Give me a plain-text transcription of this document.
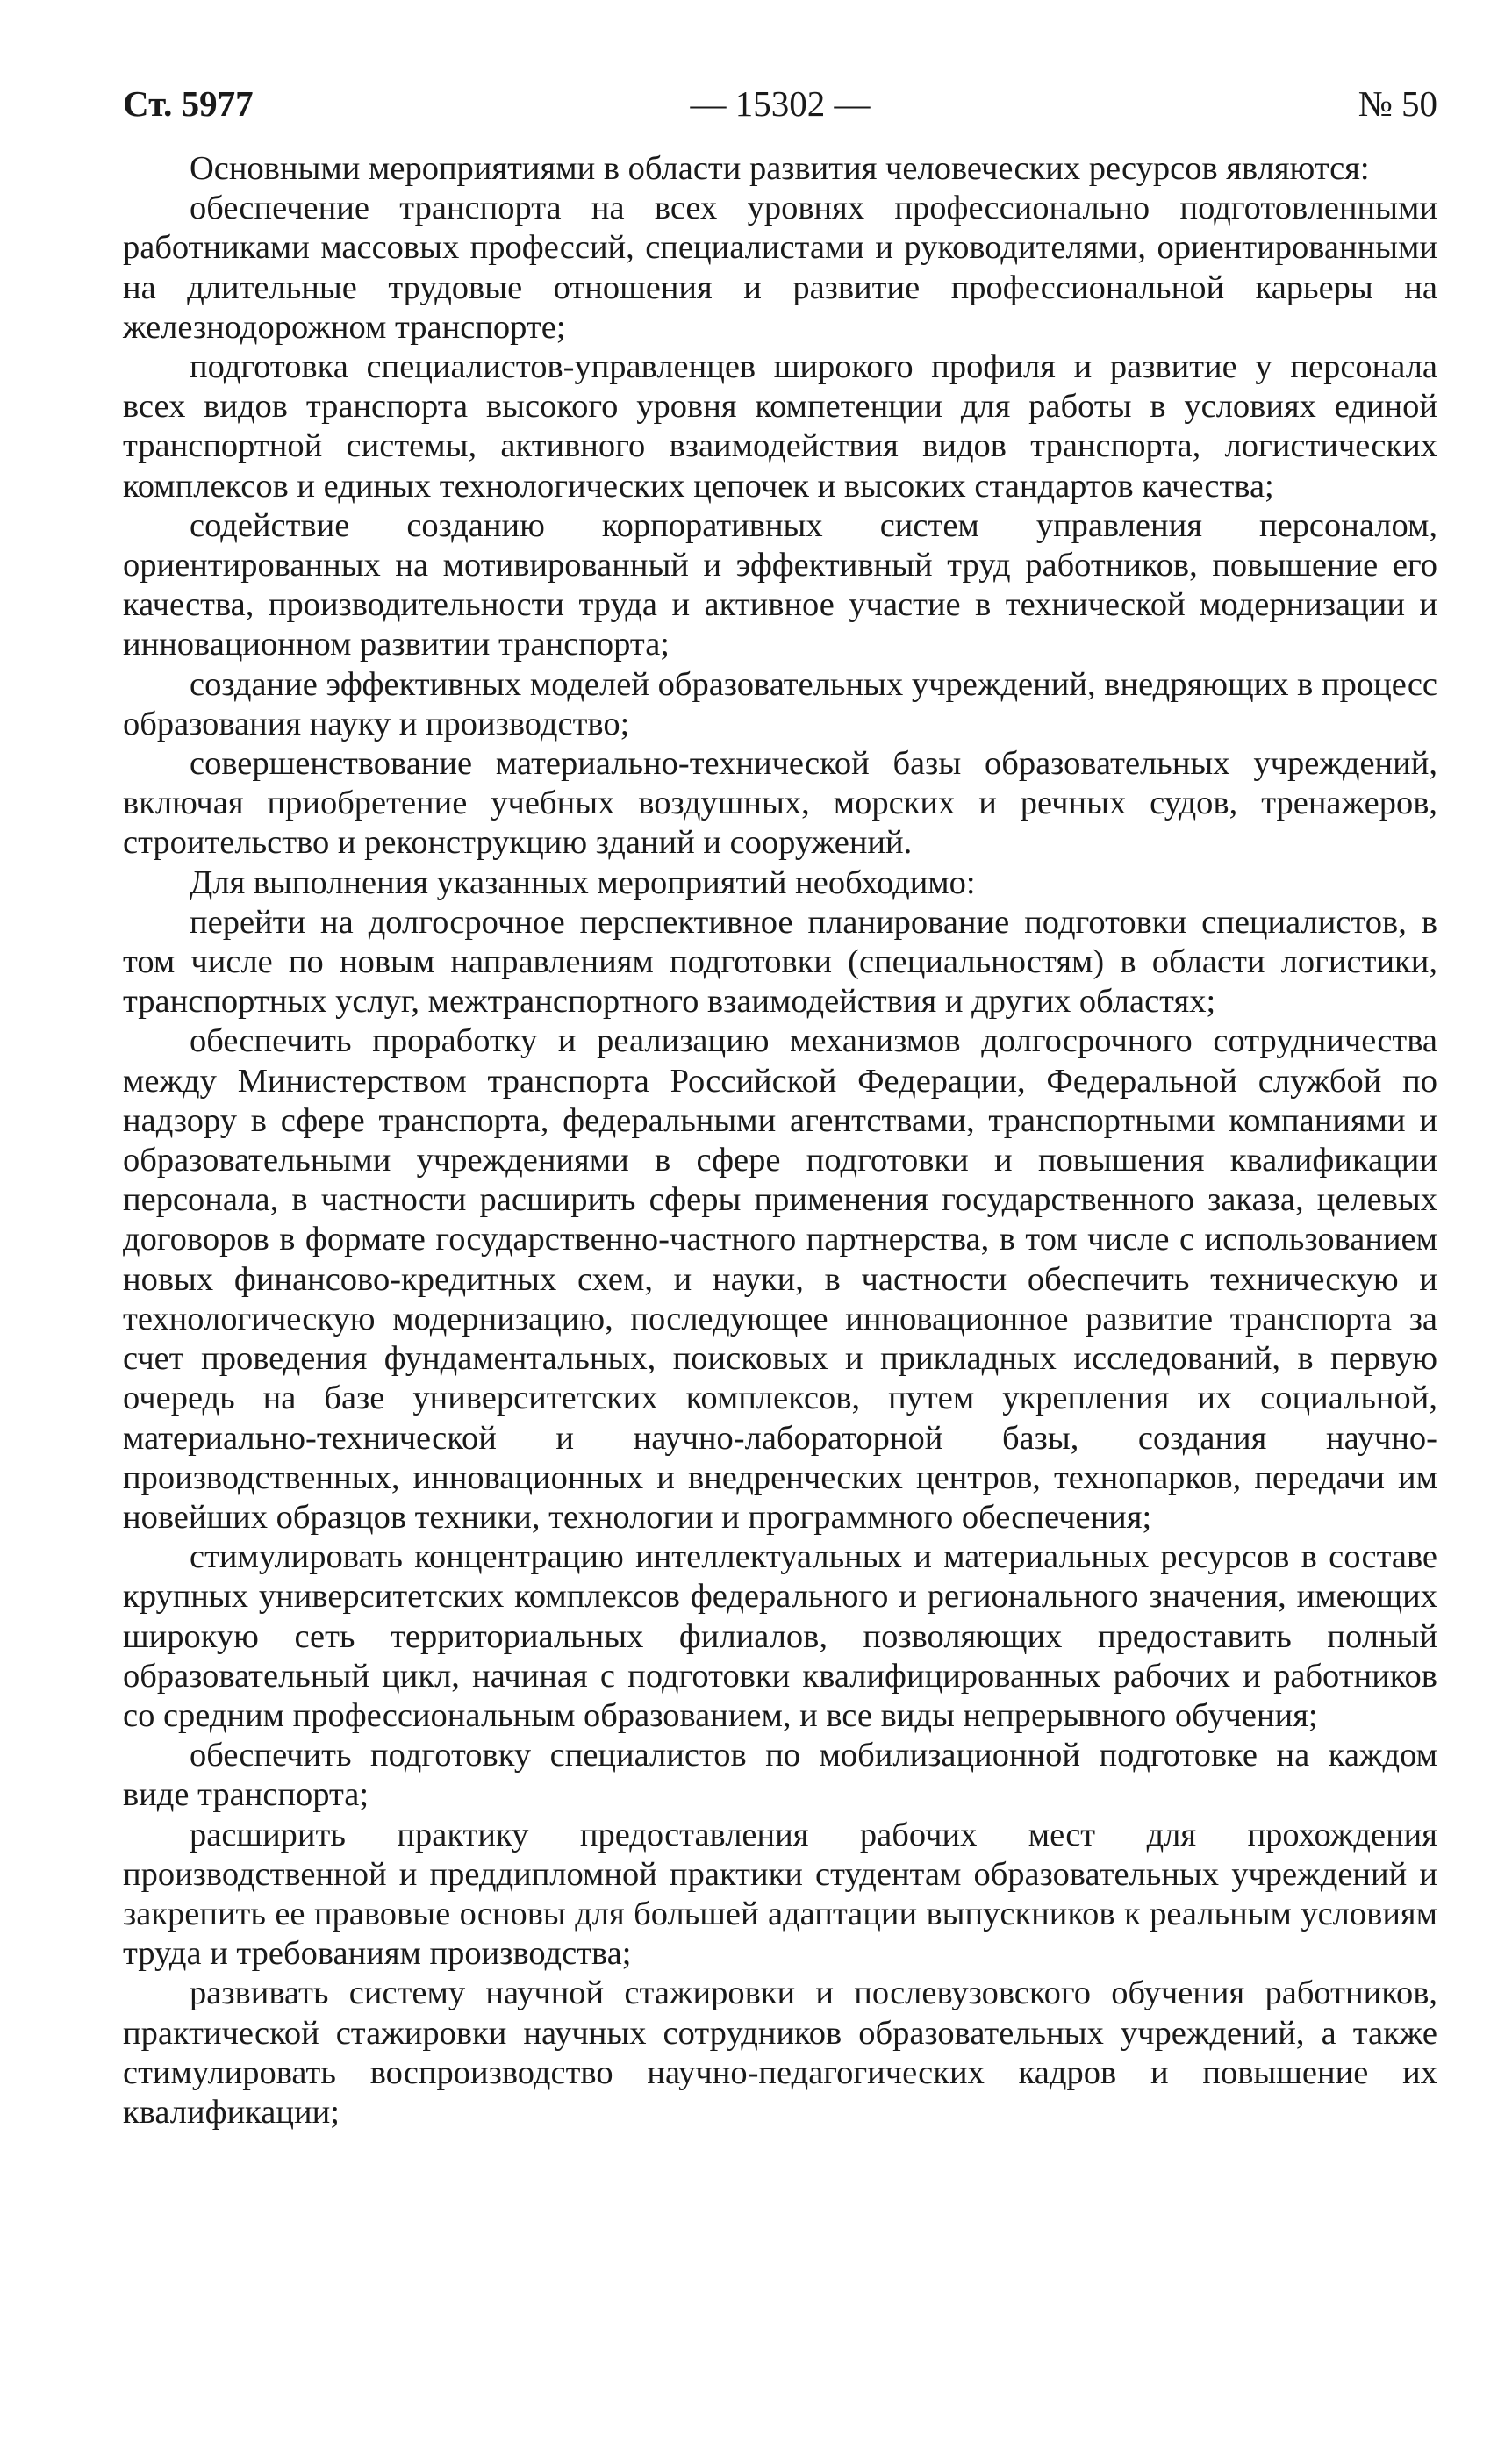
Ст. 5977	— 15302 —	№ 50

Основными мероприятиями в области развития человеческих ресурсов являются:

обеспечение транспорта на всех уровнях профессионально подготовленными работниками массовых профессий, специалистами и руководителями, ориентированными на длительные трудовые отношения и развитие профессиональной карьеры на железнодорожном транспорте;

подготовка специалистов-управленцев широкого профиля и развитие у персонала всех видов транспорта высокого уровня компетенции для работы в условиях единой транспортной системы, активного взаимодействия видов транспорта, логистических комплексов и единых технологических цепочек и высоких стандартов качества;

содействие созданию корпоративных систем управления персоналом, ориентированных на мотивированный и эффективный труд работников, повышение его качества, производительности труда и активное участие в технической модернизации и инновационном развитии транспорта;

создание эффективных моделей образовательных учреждений, внедряющих в процесс образования науку и производство;

совершенствование материально-технической базы образовательных учреждений, включая приобретение учебных воздушных, морских и речных судов, тренажеров, строительство и реконструкцию зданий и сооружений.

Для выполнения указанных мероприятий необходимо:

перейти на долгосрочное перспективное планирование подготовки специалистов, в том числе по новым направлениям подготовки (специальностям) в области логистики, транспортных услуг, межтранспортного взаимодействия и других областях;

обеспечить проработку и реализацию механизмов долгосрочного сотрудничества между Министерством транспорта Российской Федерации, Федеральной службой по надзору в сфере транспорта, федеральными агентствами, транспортными компаниями и образовательными учреждениями в сфере подготовки и повышения квалификации персонала, в частности расширить сферы применения государственного заказа, целевых договоров в формате государственно-частного партнерства, в том числе с использованием новых финансово-кредитных схем, и науки, в частности обеспечить техническую и технологическую модернизацию, последующее инновационное развитие транспорта за счет проведения фундаментальных, поисковых и прикладных исследований, в первую очередь на базе университетских комплексов, путем укрепления их социальной, материально-технической и научно-лабораторной базы, создания научно-производственных, инновационных и внедренческих центров, технопарков, передачи им новейших образцов техники, технологии и программного обеспечения;

стимулировать концентрацию интеллектуальных и материальных ресурсов в составе крупных университетских комплексов федерального и регионального значения, имеющих широкую сеть территориальных филиалов, позволяющих предоставить полный образовательный цикл, начиная с подготовки квалифицированных рабочих и работников со средним профессиональным образованием, и все виды непрерывного обучения;

обеспечить подготовку специалистов по мобилизационной подготовке на каждом виде транспорта;

расширить практику предоставления рабочих мест для прохождения производственной и преддипломной практики студентам образовательных учреждений и закрепить ее правовые основы для большей адаптации выпускников к реальным условиям труда и требованиям производства;

развивать систему научной стажировки и послевузовского обучения работников, практической стажировки научных сотрудников образовательных учреждений, а также стимулировать воспроизводство научно-педагогических кадров и повышение их квалификации;
